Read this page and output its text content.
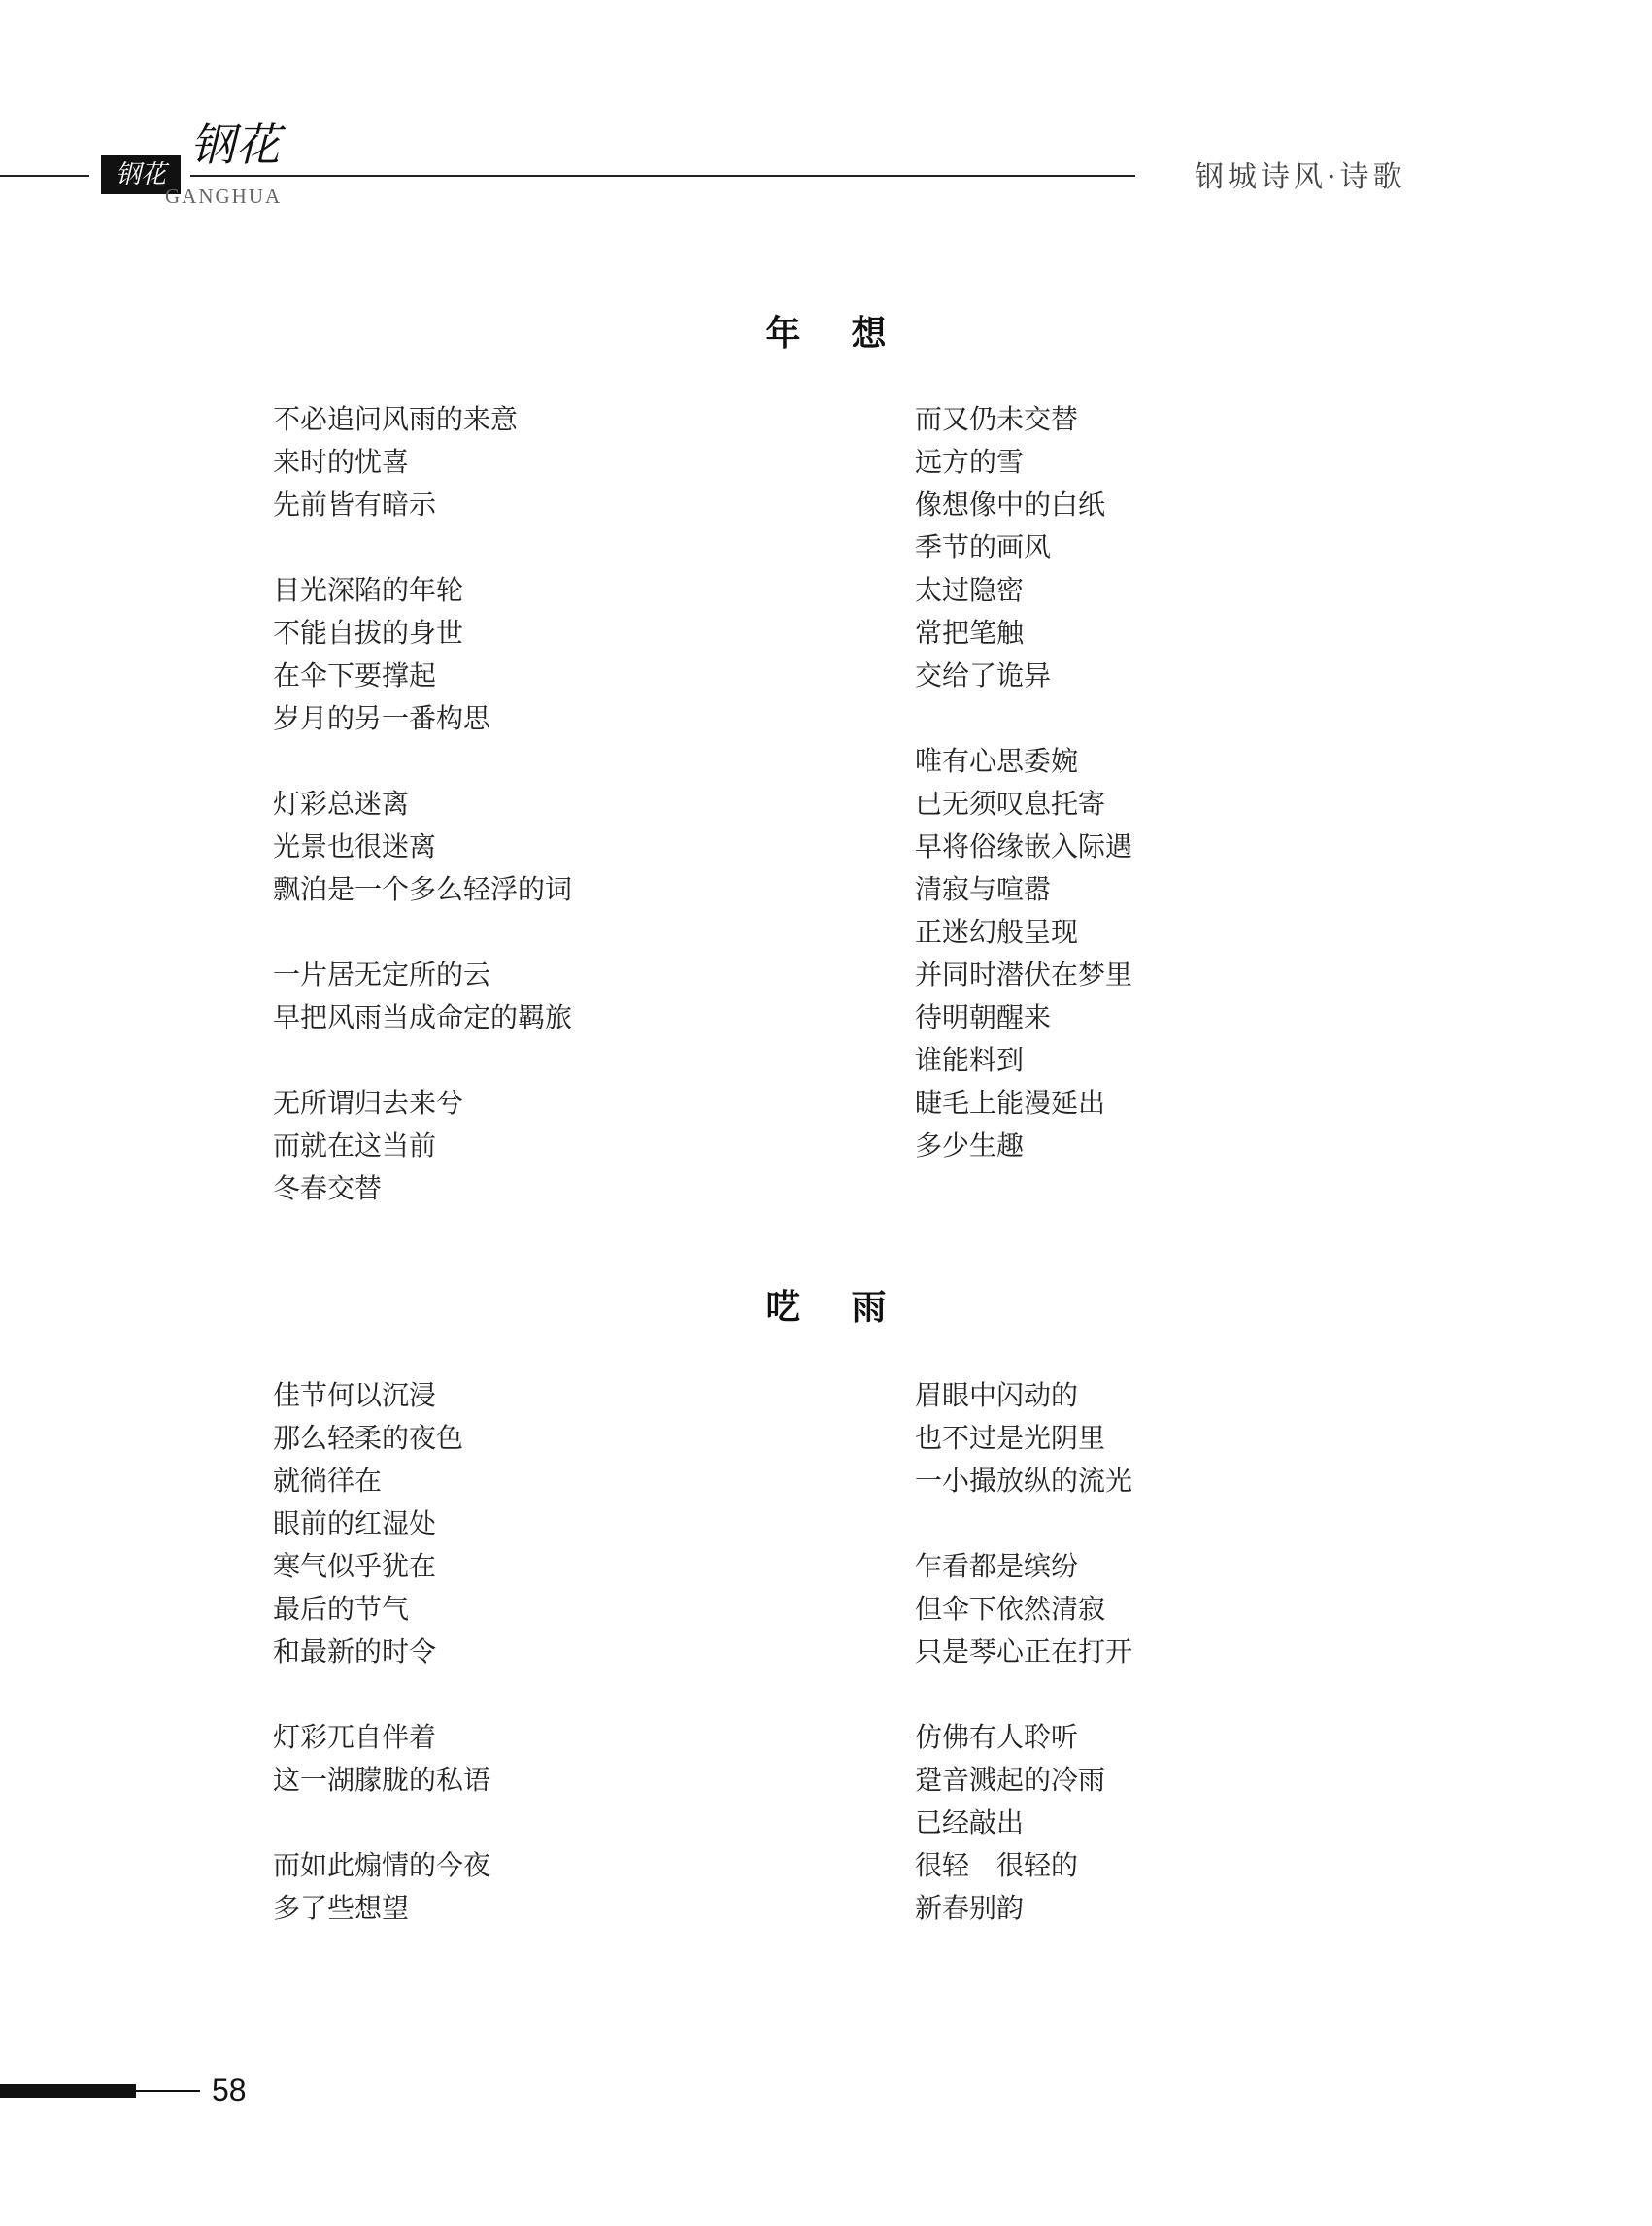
钢花
钢花
GANGHUA
钢城诗风·诗歌
年想
不必追问风雨的来意
来时的忧喜
先前皆有暗示
目光深陷的年轮
不能自拔的身世
在伞下要撑起
岁月的另一番构思
灯彩总迷离
光景也很迷离
飘泊是一个多么轻浮的词
一片居无定所的云
早把风雨当成命定的羁旅
无所谓归去来兮
而就在这当前
冬春交替
而又仍未交替
远方的雪
像想像中的白纸
季节的画风
太过隐密
常把笔触
交给了诡异
唯有心思委婉
已无须叹息托寄
早将俗缘嵌入际遇
清寂与喧嚣
正迷幻般呈现
并同时潜伏在梦里
待明朝醒来
谁能料到
睫毛上能漫延出
多少生趣
呓雨
佳节何以沉浸
那么轻柔的夜色
就徜徉在
眼前的红湿处
寒气似乎犹在
最后的节气
和最新的时令
灯彩兀自伴着
这一湖朦胧的私语
而如此煽情的今夜
多了些想望
眉眼中闪动的
也不过是光阴里
一小撮放纵的流光
乍看都是缤纷
但伞下依然清寂
只是琴心正在打开
仿佛有人聆听
跫音溅起的冷雨
已经敲出
很轻　很轻的
新春别韵
58
